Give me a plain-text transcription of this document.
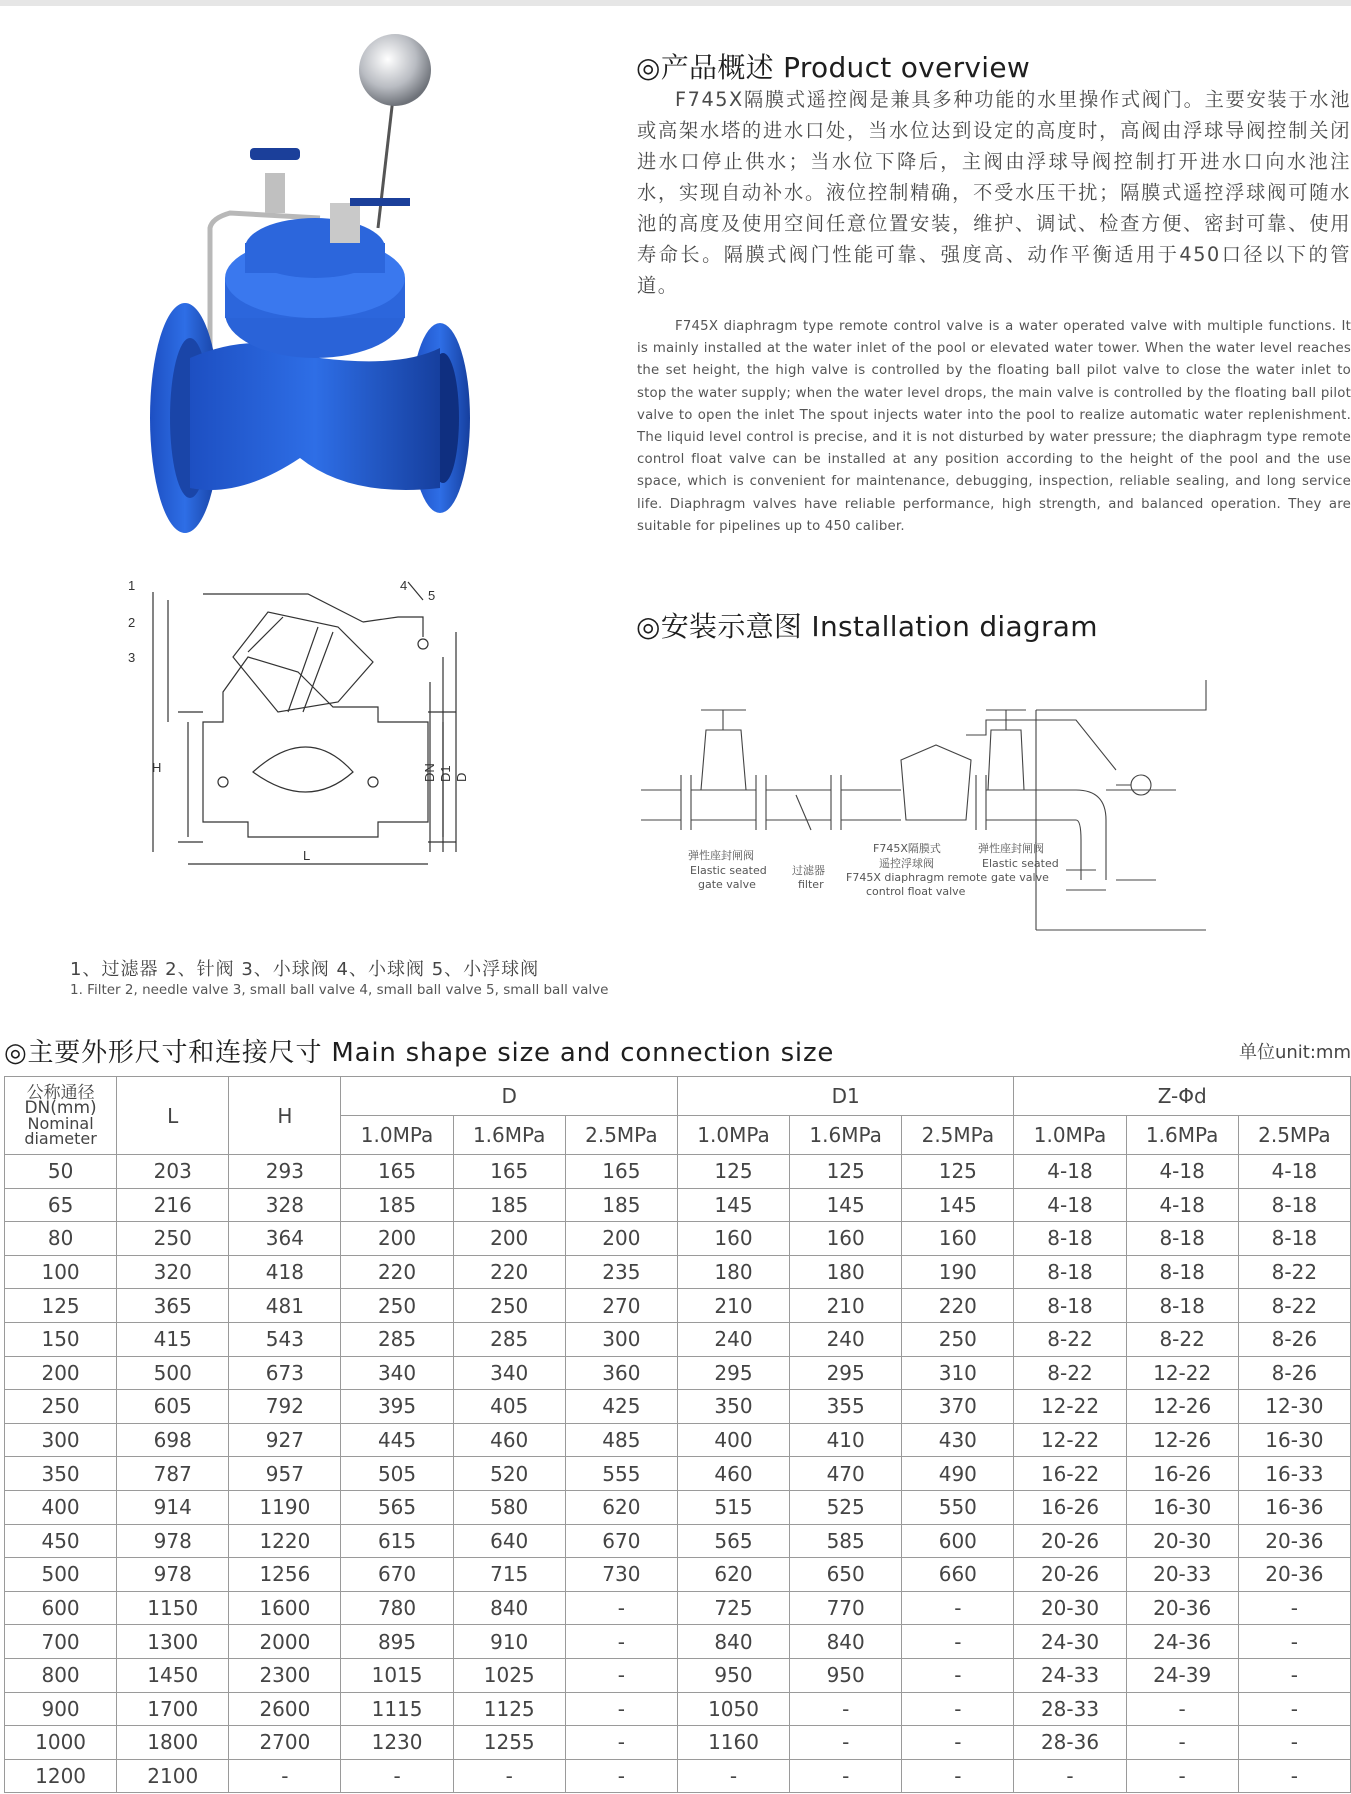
◎产品概述 Product overview

F745X隔膜式遥控阀是兼具多种功能的水里操作式阀门。主要安装于水池或高架水塔的进水口处，当水位达到设定的高度时，高阀由浮球导阀控制关闭进水口停止供水；当水位下降后，主阀由浮球导阀控制打开进水口向水池注水，实现自动补水。液位控制精确，不受水压干扰；隔膜式遥控浮球阀可随水池的高度及使用空间任意位置安装，维护、调试、检查方便、密封可靠、使用寿命长。隔膜式阀门性能可靠、强度高、动作平衡适用于450口径以下的管道。

F745X diaphragm type remote control valve is a water operated valve with multiple functions. It is mainly installed at the water inlet of the pool or elevated water tower. When the water level reaches the set height, the high valve is controlled by the floating ball pilot valve to close the water inlet to stop the water supply; when the water level drops, the main valve is controlled by the floating ball pilot valve to open the inlet The spout injects water into the pool to realize automatic water replenishment. The liquid level control is precise, and it is not disturbed by water pressure; the diaphragm type remote control float valve can be installed at any position according to the height of the pool and the use space, which is convenient for maintenance, debugging, inspection, reliable sealing, and long service life. Diaphragm valves have reliable performance, high strength, and balanced operation. They are suitable for pipelines up to 450 caliber.

1
2
3
4
5
H
L
DN D1 D
◎安装示意图 Installation diagram
弹性座封闸阀
Elastic seated
gate valve
过滤器
filter
F745X隔膜式
遥控浮球阀
F745X diaphragm remote
control float valve
弹性座封闸阀
Elastic seated
gate valve
1、过滤器 2、针阀 3、小球阀 4、小球阀 5、小浮球阀
1. Filter 2, needle valve 3, small ball valve 4, small ball valve 5, small ball valve
◎主要外形尺寸和连接尺寸 Main shape size and connection size	单位unit:mm
公称通径
DN(mm)
Nominal
diameter	L	H	D			D1			Z-Φd		
			1.0MPa	1.6MPa	2.5MPa	1.0MPa	1.6MPa	2.5MPa	1.0MPa	1.6MPa	2.5MPa
50	203	293	165	165	165	125	125	125	4-18	4-18	4-18
65	216	328	185	185	185	145	145	145	4-18	4-18	8-18
80	250	364	200	200	200	160	160	160	8-18	8-18	8-18
100	320	418	220	220	235	180	180	190	8-18	8-18	8-22
125	365	481	250	250	270	210	210	220	8-18	8-18	8-22
150	415	543	285	285	300	240	240	250	8-22	8-22	8-26
200	500	673	340	340	360	295	295	310	8-22	12-22	8-26
250	605	792	395	405	425	350	355	370	12-22	12-26	12-30
300	698	927	445	460	485	400	410	430	12-22	12-26	16-30
350	787	957	505	520	555	460	470	490	16-22	16-26	16-33
400	914	1190	565	580	620	515	525	550	16-26	16-30	16-36
450	978	1220	615	640	670	565	585	600	20-26	20-30	20-36
500	978	1256	670	715	730	620	650	660	20-26	20-33	20-36
600	1150	1600	780	840	-	725	770	-	20-30	20-36	-
700	1300	2000	895	910	-	840	840	-	24-30	24-36	-
800	1450	2300	1015	1025	-	950	950	-	24-33	24-39	-
900	1700	2600	1115	1125	-	1050	-	-	28-33	-	-
1000	1800	2700	1230	1255	-	1160	-	-	28-36	-	-
1200	2100	-	-	-	-	-	-	-	-	-	-
